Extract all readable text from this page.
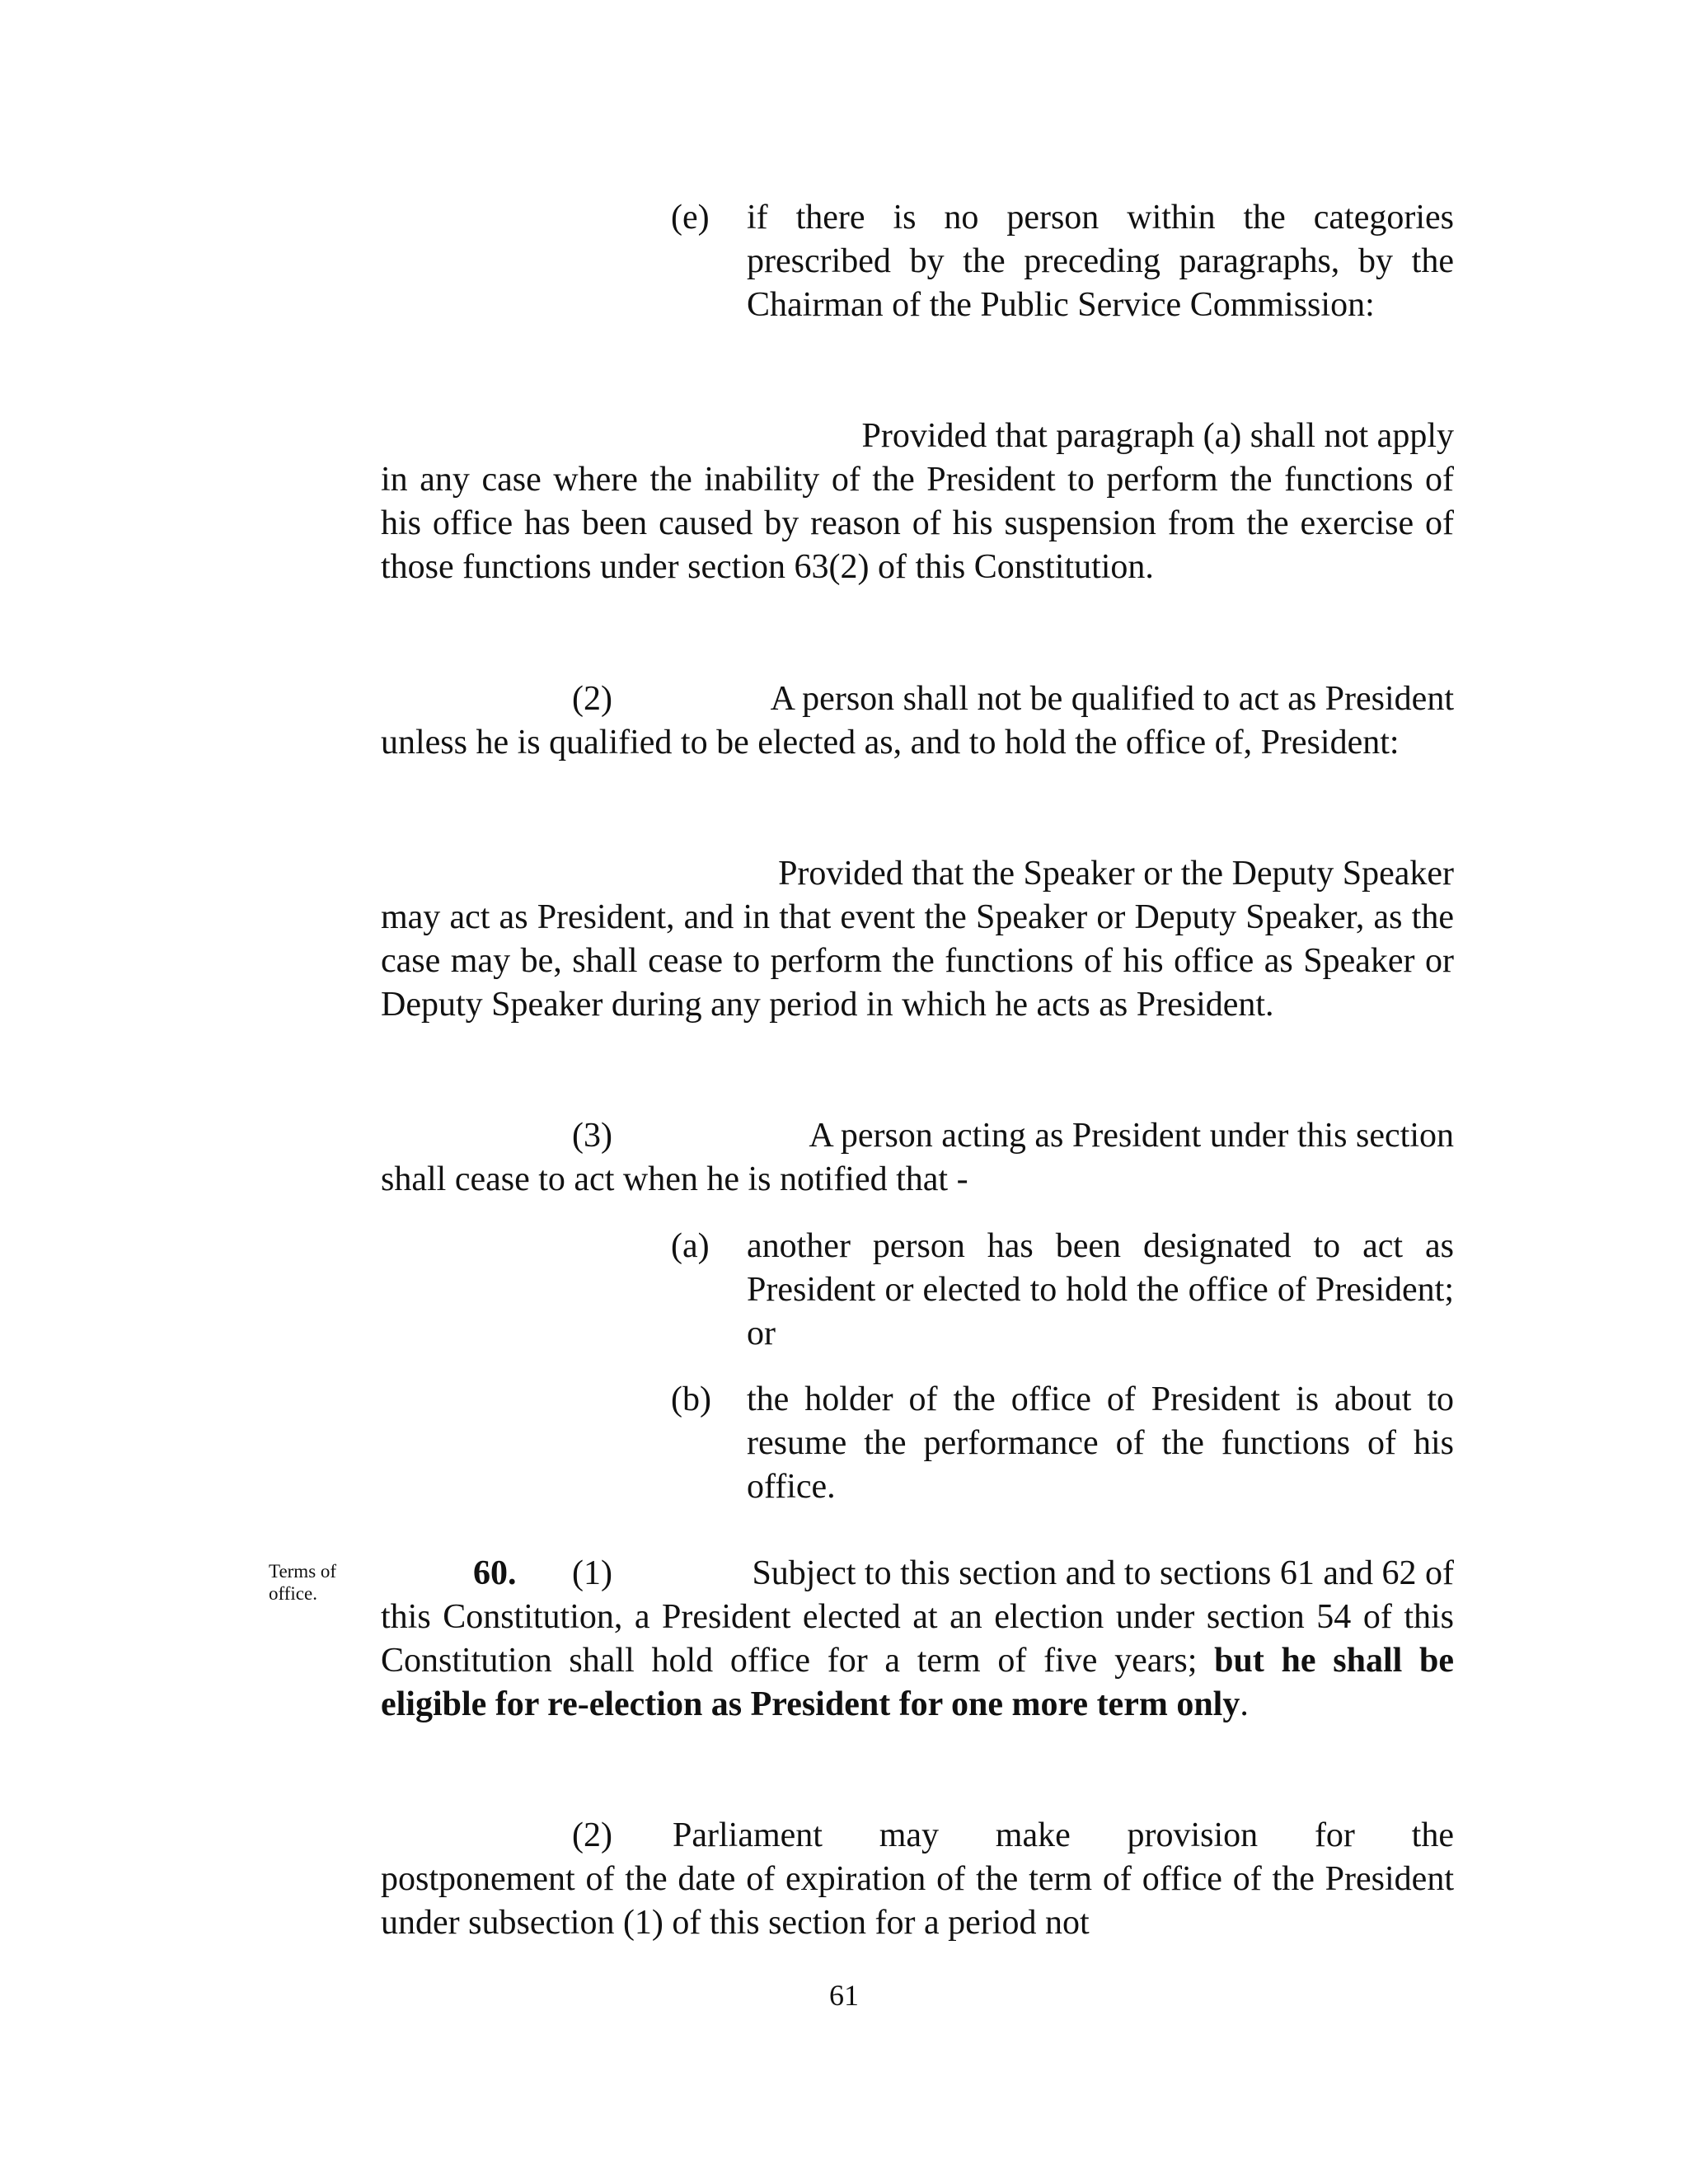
(e)	if there is no person within the categories prescribed by the preceding paragraphs, by the Chairman of the Public Service Commission:
Provided that paragraph (a) shall not apply
in any case where the inability of the President to perform the functions of his office has been caused by reason of his suspension from the exercise of those functions under section 63(2) of this Constitution.
(2)	A person shall not be qualified to act as President
unless he is qualified to be elected as, and to hold the office of, President:
Provided that the Speaker or the Deputy Speaker
may act as President, and in that event the Speaker or Deputy Speaker, as the case may be, shall cease to perform the functions of his office as Speaker or Deputy Speaker during any period in which he acts as President.
(3)	A person acting as President under this section
shall cease to act when he is notified that -
(a)	another person has been designated to act as President or elected to hold the office of President; or
(b)	the holder of the office of President is about to resume the performance of the functions of his office.
Terms of office.
60. (1)	Subject to this section and to sections 61 and 62 of
this Constitution, a President elected at an election under section 54 of this Constitution shall hold office for a term of five years; but he shall be eligible for re-election as President for one more term only.
(2) Parliament may make provision for the
postponement of the date of expiration of the term of office of the President under subsection (1) of this section for a period not
61
